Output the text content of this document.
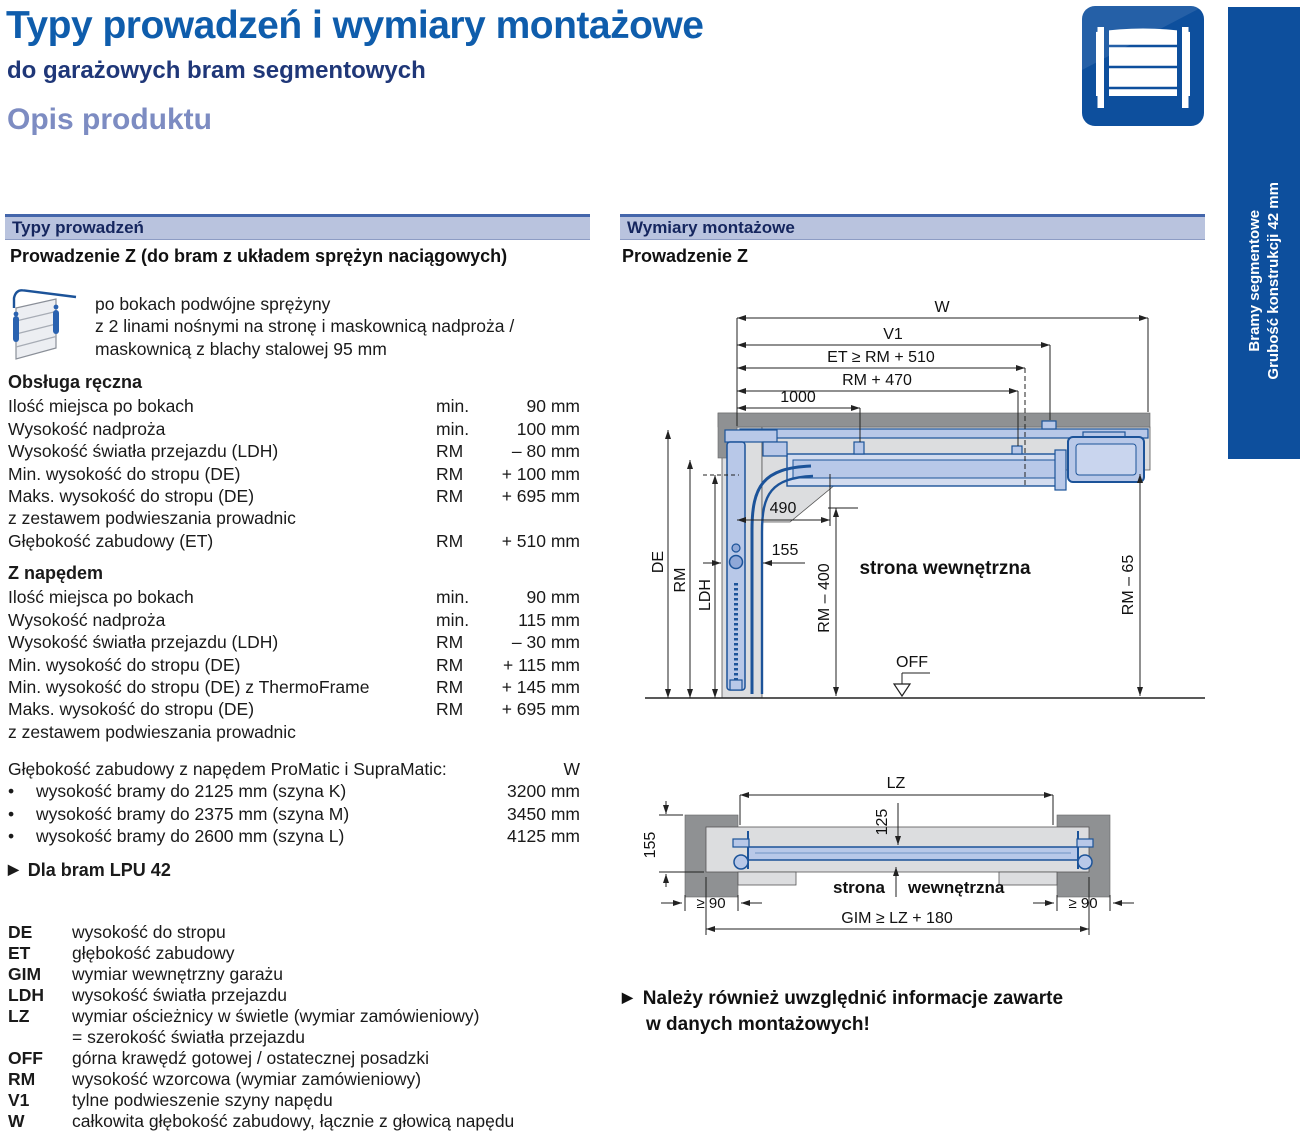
Typy prowadzeń i wymiary montażowe
do garażowych bram segmentowych
Opis produktu
Bramy segmentowe Grubość konstrukcji 42 mm
Typy prowadzeń
Prowadzenie Z (do bram z układem sprężyn naciągowych)
po bokach podwójne sprężyny
z 2 linami nośnymi na stronę i maskownicą nadproża /
maskownicą z blachy stalowej 95 mm
Obsługa ręczna
Ilość miejsca po bokach	min.	90 mm
Wysokość nadproża	min.	100 mm
Wysokość światła przejazdu (LDH)	RM	– 80 mm
Min. wysokość do stropu (DE)	RM	+ 100 mm
Maks. wysokość do stropu (DE)	RM	+ 695 mm
z zestawem podwieszania prowadnic
Głębokość zabudowy (ET)	RM	+ 510 mm
Z napędem
Ilość miejsca po bokach	min.	90 mm
Wysokość nadproża	min.	115 mm
Wysokość światła przejazdu (LDH)	RM	– 30 mm
Min. wysokość do stropu (DE)	RM	+ 115 mm
Min. wysokość do stropu (DE) z ThermoFrame	RM	+ 145 mm
Maks. wysokość do stropu (DE)	RM	+ 695 mm
z zestawem podwieszania prowadnic
Głębokość zabudowy z napędem ProMatic i SupraMatic:	W
•	wysokość bramy do 2125 mm (szyna K)	3200 mm
•	wysokość bramy do 2375 mm (szyna M)	3450 mm
•	wysokość bramy do 2600 mm (szyna L)	4125 mm
▶ Dla bram LPU 42
DE	wysokość do stropu
ET	głębokość zabudowy
GIM	wymiar wewnętrzny garażu
LDH	wysokość światła przejazdu
LZ	wymiar ościeżnicy w świetle (wymiar zamówieniowy)
= szerokość światła przejazdu
OFF	górna krawędź gotowej / ostatecznej posadzki
RM	wysokość wzorcowa (wymiar zamówieniowy)
V1	tylne podwieszenie szyny napędu
W	całkowita głębokość zabudowy, łącznie z głowicą napędu
Wymiary montażowe
Prowadzenie Z
W
V1
ET ≥ RM + 510
RM + 470
1000
490
155
DE
RM LDH	RM – 400 strona wewnętrzna	RM – 65
OFF
LZ
125
155
strona wewnętrzna
≥ 90	≥ 90
GIM ≥ LZ + 180
▶ Należy również uwzględnić informacje zawarte
w danych montażowych!
